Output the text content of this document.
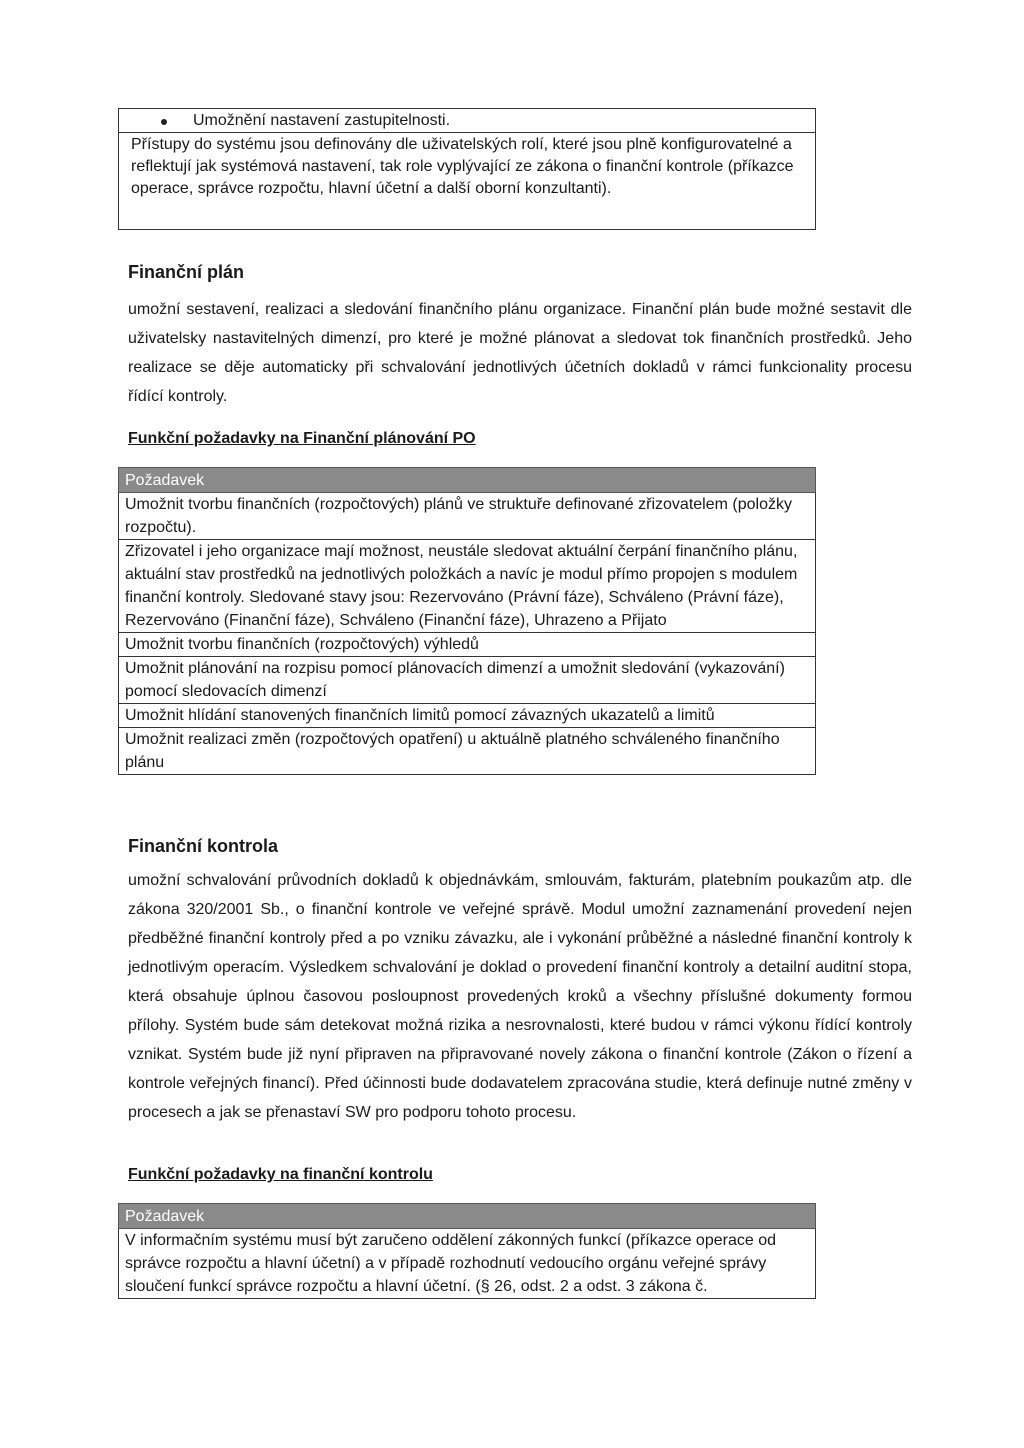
Umožnění nastavení zastupitelnosti.
Přístupy do systému jsou definovány dle uživatelských rolí, které jsou plně konfigurovatelné a reflektují jak systémová nastavení, tak role vyplývající ze zákona o finanční kontrole (příkazce operace, správce rozpočtu, hlavní účetní a další oborní konzultanti).
Finanční plán

umožní sestavení, realizaci a sledování finančního plánu organizace. Finanční plán bude možné sestavit dle uživatelsky nastavitelných dimenzí, pro které je možné plánovat a sledovat tok finančních prostředků. Jeho realizace se děje automaticky při schvalování jednotlivých účetních dokladů v rámci funkcionality procesu řídící kontroly.

Funkční požadavky na Finanční plánování PO

Požadavek
Umožnit tvorbu finančních (rozpočtových) plánů ve struktuře definované zřizovatelem (položky rozpočtu).
Zřizovatel i jeho organizace mají možnost, neustále sledovat aktuální čerpání finančního plánu, aktuální stav prostředků na jednotlivých položkách a navíc je modul přímo propojen s modulem finanční kontroly. Sledované stavy jsou: Rezervováno (Právní fáze), Schváleno (Právní fáze), Rezervováno (Finanční fáze), Schváleno (Finanční fáze), Uhrazeno a Přijato
Umožnit tvorbu finančních (rozpočtových) výhledů
Umožnit plánování na rozpisu pomocí plánovacích dimenzí a umožnit sledování (vykazování) pomocí sledovacích dimenzí
Umožnit hlídání stanovených finančních limitů pomocí závazných ukazatelů a limitů
Umožnit realizaci změn (rozpočtových opatření) u aktuálně platného schváleného finančního plánu
Finanční kontrola

umožní schvalování průvodních dokladů k objednávkám, smlouvám, fakturám, platebním poukazům atp. dle zákona 320/2001 Sb., o finanční kontrole ve veřejné správě. Modul umožní zaznamenání provedení nejen předběžné finanční kontroly před a po vzniku závazku, ale i vykonání průběžné a následné finanční kontroly k jednotlivým operacím. Výsledkem schvalování je doklad o provedení finanční kontroly a detailní auditní stopa, která obsahuje úplnou časovou posloupnost provedených kroků a všechny příslušné dokumenty formou přílohy. Systém bude sám detekovat možná rizika a nesrovnalosti, které budou v rámci výkonu řídící kontroly vznikat. Systém bude již nyní připraven na připravované novely zákona o finanční kontrole (Zákon o řízení a kontrole veřejných financí). Před účinnosti bude dodavatelem zpracována studie, která definuje nutné změny v procesech a jak se přenastaví SW pro podporu tohoto procesu.

Funkční požadavky na finanční kontrolu

Požadavek
V informačním systému musí být zaručeno oddělení zákonných funkcí (příkazce operace od správce rozpočtu a hlavní účetní) a v případě rozhodnutí vedoucího orgánu veřejné správy sloučení funkcí správce rozpočtu a hlavní účetní. (§ 26, odst. 2 a odst. 3 zákona č.
